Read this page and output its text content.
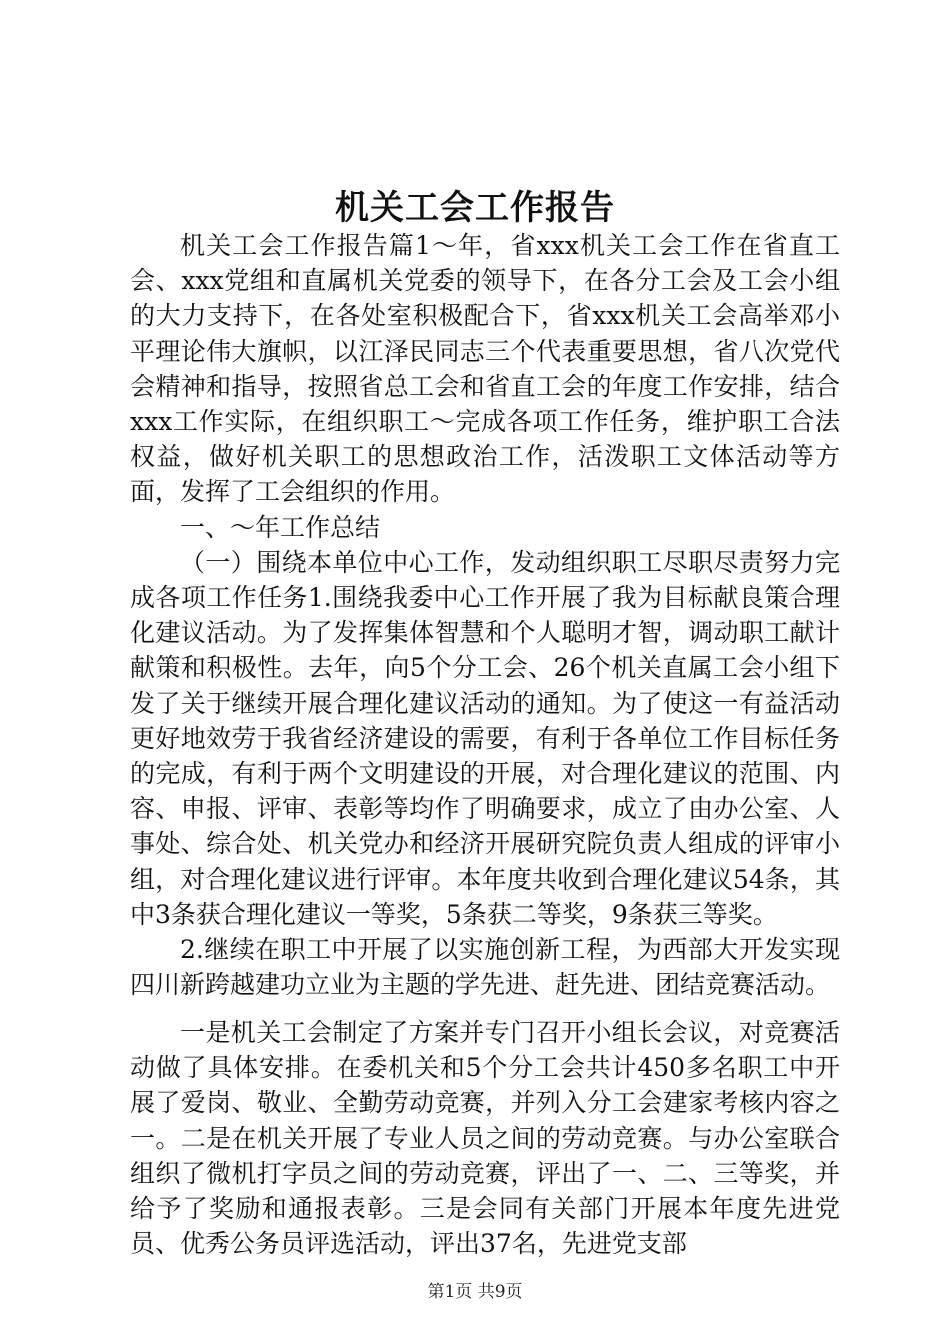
机关工会工作报告

机关工会工作报告篇1～年，省xxx机关工会工作在省直工会、xxx党组和直属机关党委的领导下，在各分工会及工会小组的大力支持下，在各处室积极配合下，省xxx机关工会高举邓小平理论伟大旗帜，以江泽民同志三个代表重要思想，省八次党代会精神和指导，按照省总工会和省直工会的年度工作安排，结合xxx工作实际，在组织职工～完成各项工作任务，维护职工合法权益，做好机关职工的思想政治工作，活泼职工文体活动等方面，发挥了工会组织的作用。

一、～年工作总结

（一）围绕本单位中心工作，发动组织职工尽职尽责努力完成各项工作任务1.围绕我委中心工作开展了我为目标献良策合理化建议活动。为了发挥集体智慧和个人聪明才智，调动职工献计献策和积极性。去年，向5个分工会、26个机关直属工会小组下发了关于继续开展合理化建议活动的通知。为了使这一有益活动更好地效劳于我省经济建设的需要，有利于各单位工作目标任务的完成，有利于两个文明建设的开展，对合理化建议的范围、内容、申报、评审、表彰等均作了明确要求，成立了由办公室、人事处、综合处、机关党办和经济开展研究院负责人组成的评审小组，对合理化建议进行评审。本年度共收到合理化建议54条，其中3条获合理化建议一等奖，5条获二等奖，9条获三等奖。

2.继续在职工中开展了以实施创新工程，为西部大开发实现四川新跨越建功立业为主题的学先进、赶先进、团结竞赛活动。

一是机关工会制定了方案并专门召开小组长会议，对竞赛活动做了具体安排。在委机关和5个分工会共计450多名职工中开展了爱岗、敬业、全勤劳动竞赛，并列入分工会建家考核内容之一。二是在机关开展了专业人员之间的劳动竞赛。与办公室联合组织了微机打字员之间的劳动竞赛，评出了一、二、三等奖，并给予了奖励和通报表彰。三是会同有关部门开展本年度先进党员、优秀公务员评选活动，评出37名，先进党支部

第1页 共9页
